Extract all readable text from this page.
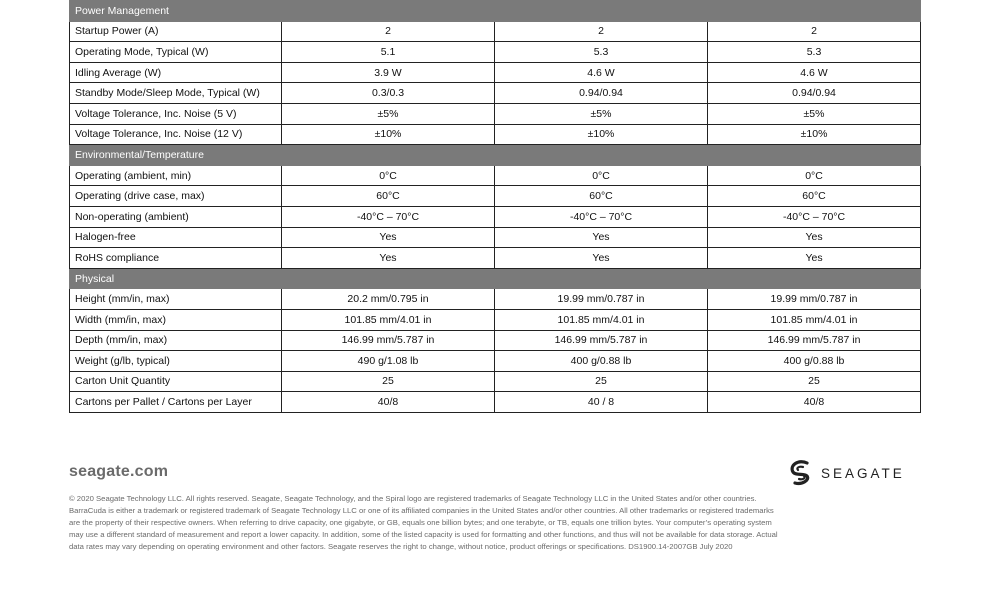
Power Management			
Startup Power (A)	2	2	2
Operating Mode, Typical (W)	5.1	5.3	5.3
Idling Average (W)	3.9 W	4.6 W	4.6 W
Standby Mode/Sleep Mode, Typical (W)	0.3/0.3	0.94/0.94	0.94/0.94
Voltage Tolerance, Inc. Noise (5 V)	±5%	±5%	±5%
Voltage Tolerance, Inc. Noise (12 V)	±10%	±10%	±10%
Environmental/Temperature			
Operating (ambient, min)	0°C	0°C	0°C
Operating (drive case, max)	60°C	60°C	60°C
Non-operating (ambient)	-40°C – 70°C	-40°C – 70°C	-40°C – 70°C
Halogen-free	Yes	Yes	Yes
RoHS compliance	Yes	Yes	Yes
Physical			
Height (mm/in, max)	20.2 mm/0.795 in	19.99 mm/0.787 in	19.99 mm/0.787 in
Width (mm/in, max)	101.85 mm/4.01 in	101.85 mm/4.01 in	101.85 mm/4.01 in
Depth (mm/in, max)	146.99 mm/5.787 in	146.99 mm/5.787 in	146.99 mm/5.787 in
Weight (g/lb, typical)	490 g/1.08 lb	400 g/0.88 lb	400 g/0.88 lb
Carton Unit Quantity	25	25	25
Cartons per Pallet / Cartons per Layer	40/8	40 / 8	40/8
seagate.com	SEAGATE
© 2020 Seagate Technology LLC. All rights reserved. Seagate, Seagate Technology, and the Spiral logo are registered trademarks of Seagate Technology LLC in the United States and/or other countries.
BarraCuda is either a trademark or registered trademark of Seagate Technology LLC or one of its affiliated companies in the United States and/or other countries. All other trademarks or registered trademarks
are the property of their respective owners. When referring to drive capacity, one gigabyte, or GB, equals one billion bytes; and one terabyte, or TB, equals one trillion bytes. Your computer’s operating system
may use a different standard of measurement and report a lower capacity. In addition, some of the listed capacity is used for formatting and other functions, and thus will not be available for data storage. Actual
data rates may vary depending on operating environment and other factors. Seagate reserves the right to change, without notice, product offerings or specifications. DS1900.14-2007GB July 2020
